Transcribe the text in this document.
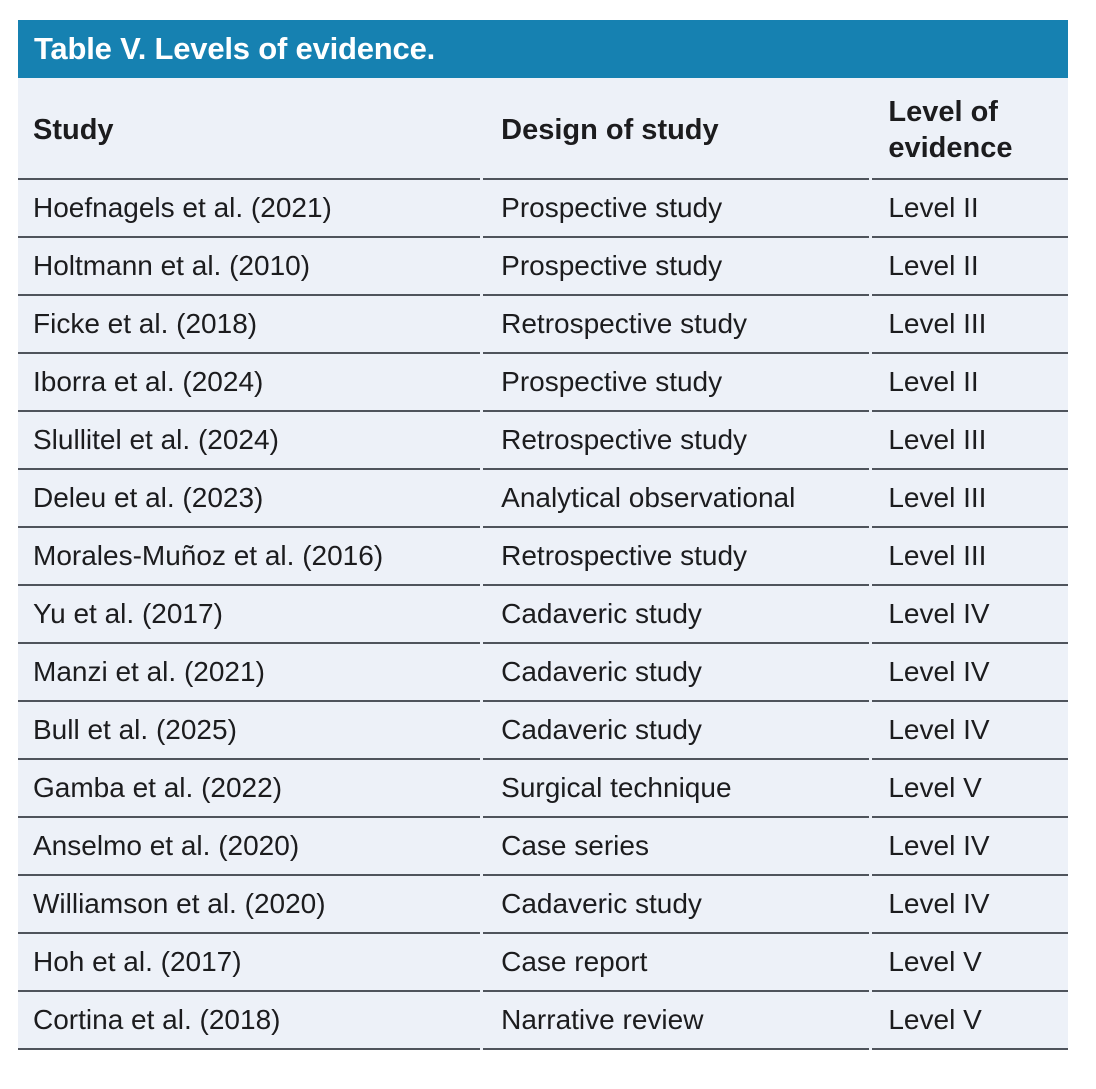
Table V. Levels of evidence.
Study	Design of study	Level of evidence
Hoefnagels et al. (2021)	Prospective study	Level II
Holtmann et al. (2010)	Prospective study	Level II
Ficke et al. (2018)	Retrospective study	Level III
Iborra et al. (2024)	Prospective study	Level II
Slullitel et al. (2024)	Retrospective study	Level III
Deleu et al. (2023)	Analytical observational	Level III
Morales-Muñoz et al. (2016)	Retrospective study	Level III
Yu et al. (2017)	Cadaveric study	Level IV
Manzi et al. (2021)	Cadaveric study	Level IV
Bull et al. (2025)	Cadaveric study	Level IV
Gamba et al. (2022)	Surgical technique	Level V
Anselmo et al. (2020)	Case series	Level IV
Williamson et al. (2020)	Cadaveric study	Level IV
Hoh et al. (2017)	Case report	Level V
Cortina et al. (2018)	Narrative review	Level V
